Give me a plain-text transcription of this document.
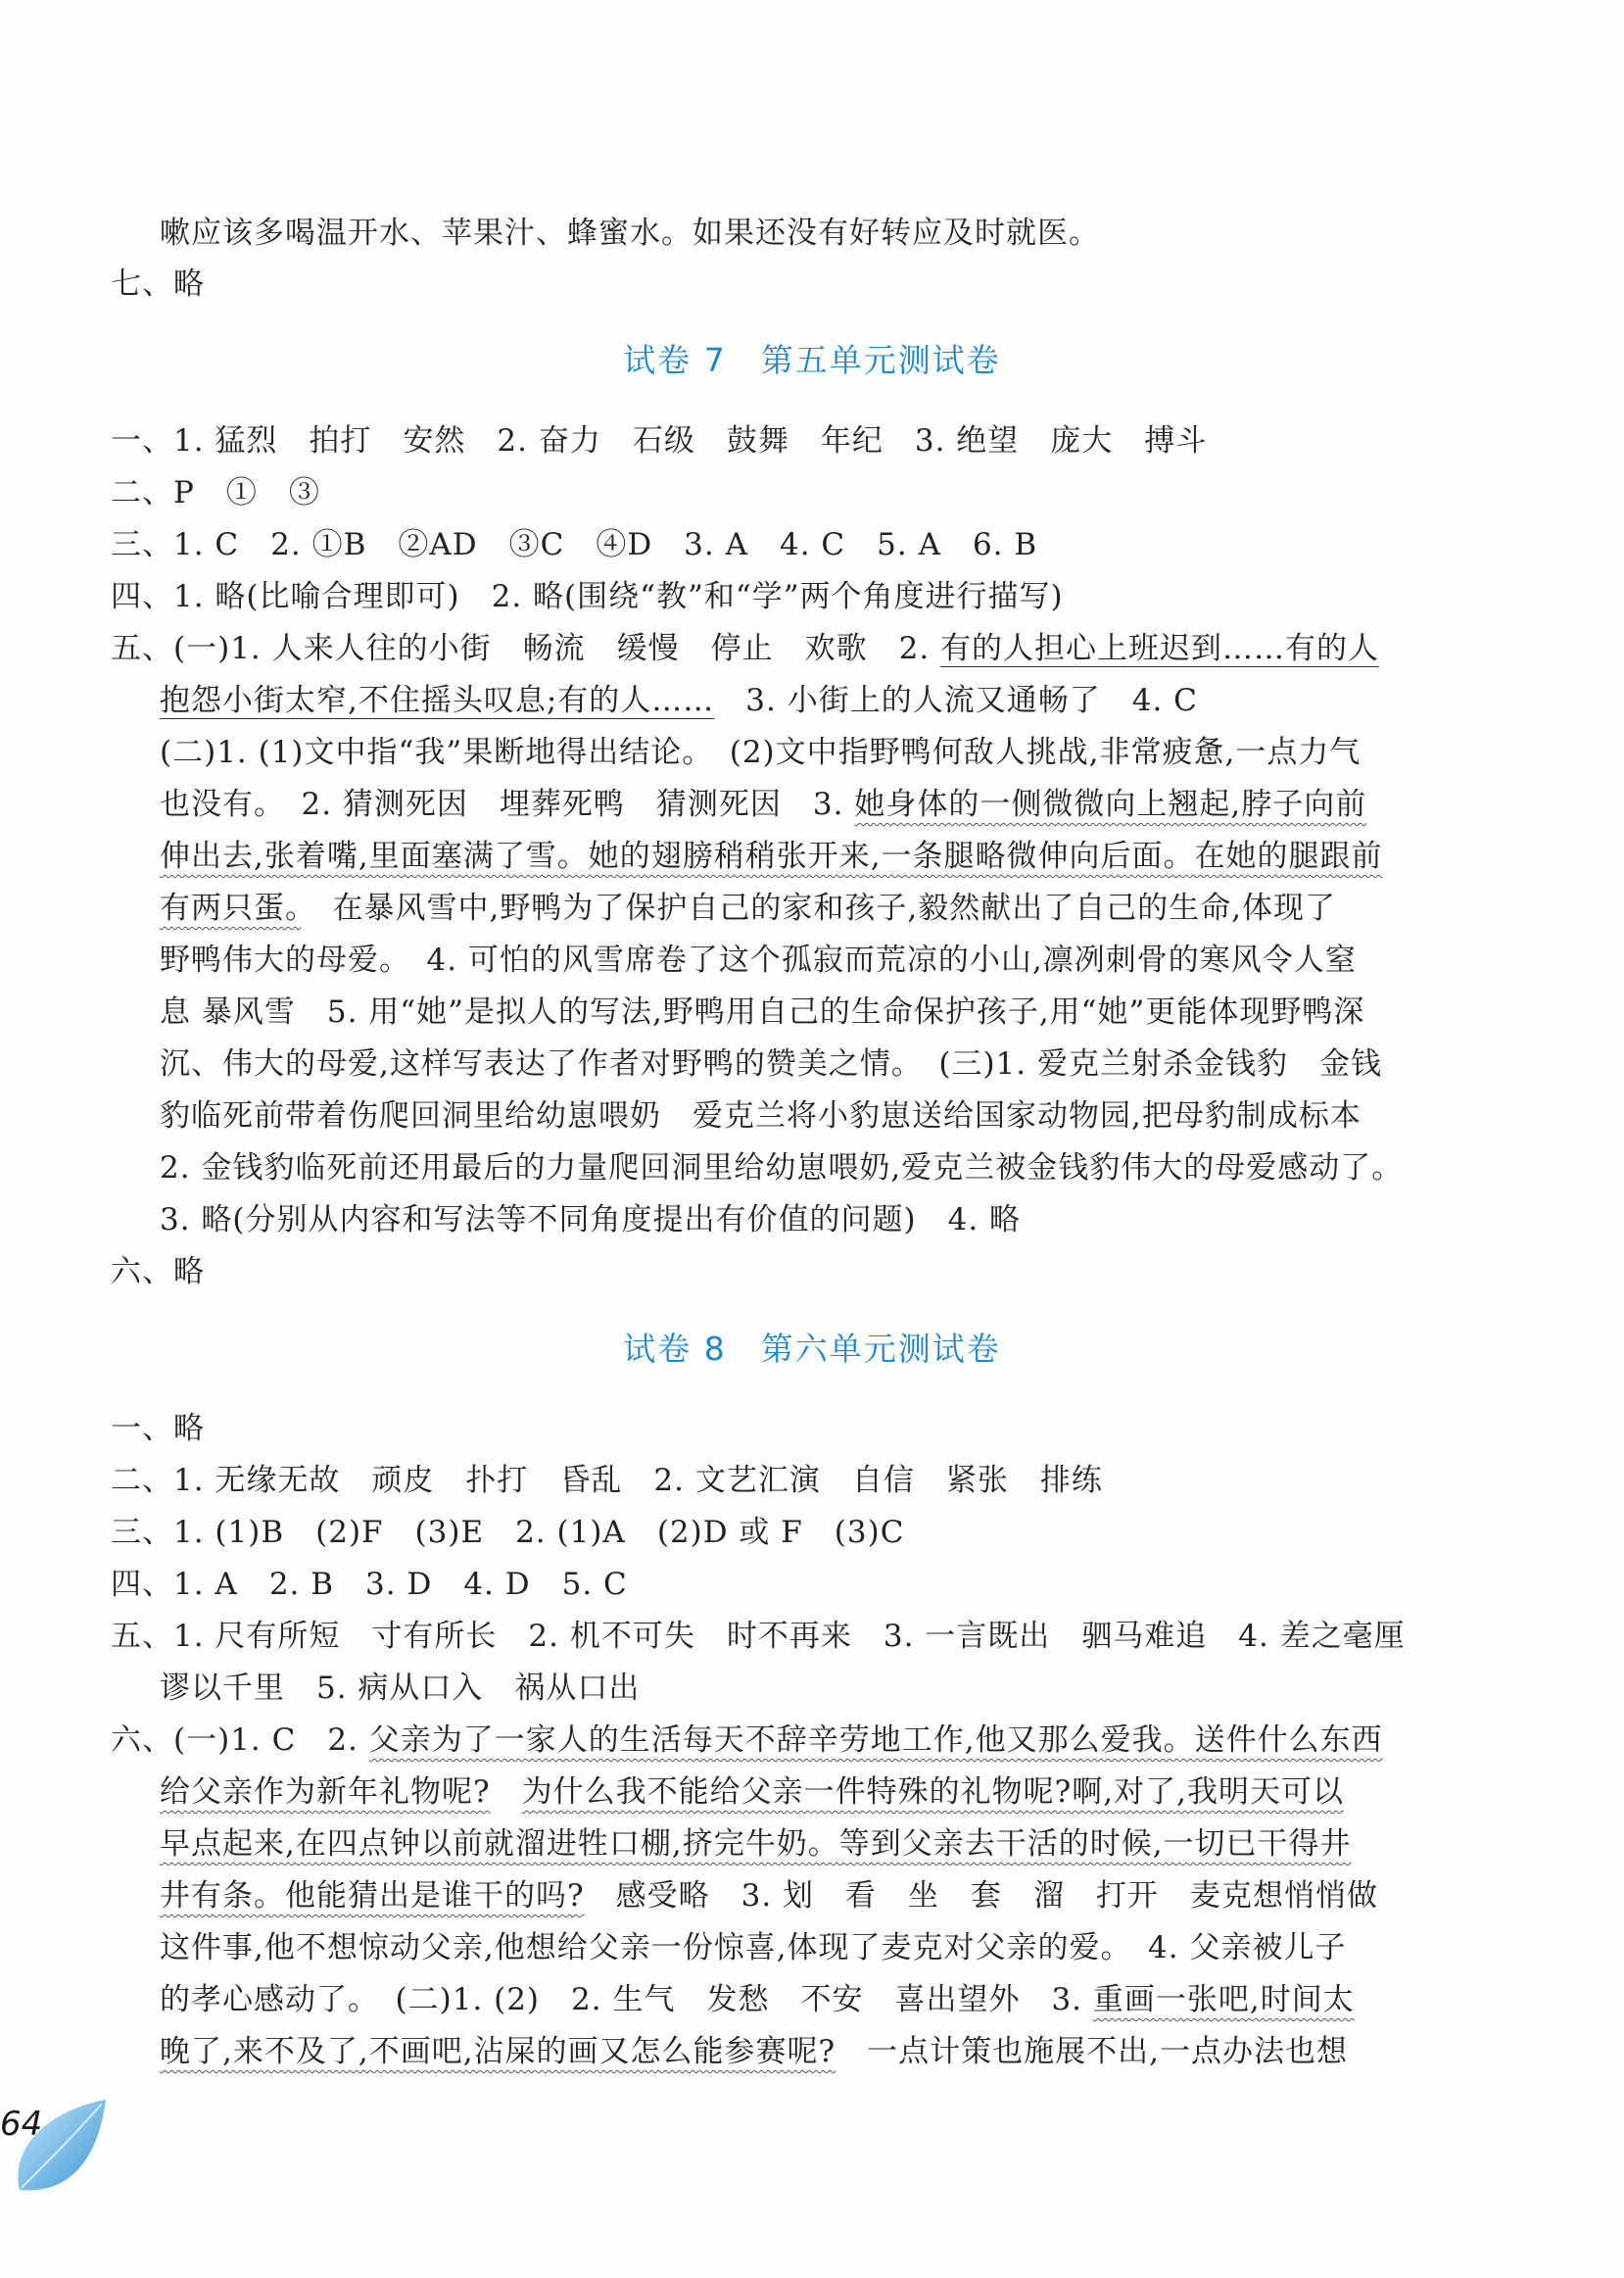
试卷 7　第五单元测试卷
试卷 8　第六单元测试卷
嗽应该多喝温开水、苹果汁、蜂蜜水。如果还没有好转应及时就医。
七、略
一、1. 猛烈　拍打　安然　2. 奋力　石级　鼓舞　年纪　3. 绝望　庞大　搏斗
二、P　①　③
三、1. C　2. ①B　②AD　③C　④D　3. A　4. C　5. A　6. B
四、1. 略(比喻合理即可)　2. 略(围绕“教”和“学”两个角度进行描写)
五、(一)1. 人来人往的小街　畅流　缓慢　停止　欢歌　2. 有的人担心上班迟到……有的人
抱怨小街太窄,不住摇头叹息;有的人……　3. 小街上的人流又通畅了　4. C
(二)1. (1)文中指“我”果断地得出结论。　(2)文中指野鸭何敌人挑战,非常疲惫,一点力气
也没有。　2. 猜测死因　埋葬死鸭　猜测死因　3. 她身体的一侧微微向上翘起,脖子向前
伸出去,张着嘴,里面塞满了雪。她的翅膀稍稍张开来,一条腿略微伸向后面。在她的腿跟前
有两只蛋。　在暴风雪中,野鸭为了保护自己的家和孩子,毅然献出了自己的生命,体现了
野鸭伟大的母爱。　4. 可怕的风雪席卷了这个孤寂而荒凉的小山,凛冽刺骨的寒风令人窒
息 暴风雪　5. 用“她”是拟人的写法,野鸭用自己的生命保护孩子,用“她”更能体现野鸭深
沉、伟大的母爱,这样写表达了作者对野鸭的赞美之情。　(三)1. 爱克兰射杀金钱豹　金钱
豹临死前带着伤爬回洞里给幼崽喂奶　爱克兰将小豹崽送给国家动物园,把母豹制成标本
2. 金钱豹临死前还用最后的力量爬回洞里给幼崽喂奶,爱克兰被金钱豹伟大的母爱感动了。
3. 略(分别从内容和写法等不同角度提出有价值的问题)　4. 略
六、略
一、略
二、1. 无缘无故　顽皮　扑打　昏乱　2. 文艺汇演　自信　紧张　排练
三、1. (1)B　(2)F　(3)E　2. (1)A　(2)D 或 F　(3)C
四、1. A　2. B　3. D　4. D　5. C
五、1. 尺有所短　寸有所长　2. 机不可失　时不再来　3. 一言既出　驷马难追　4. 差之毫厘
谬以千里　5. 病从口入　祸从口出
六、(一)1. C　2. 父亲为了一家人的生活每天不辞辛劳地工作,他又那么爱我。送件什么东西
给父亲作为新年礼物呢?　 为什么我不能给父亲一件特殊的礼物呢?啊,对了,我明天可以
早点起来,在四点钟以前就溜进牲口棚,挤完牛奶。等到父亲去干活的时候,一切已干得井
井有条。他能猜出是谁干的吗?　感受略　3. 划　看　坐　套　溜　打开　麦克想悄悄做
这件事,他不想惊动父亲,他想给父亲一份惊喜,体现了麦克对父亲的爱。　4. 父亲被儿子
的孝心感动了。　(二)1. (2)　2. 生气　发愁　不安　喜出望外　3. 重画一张吧,时间太
晚了,来不及了,不画吧,沾屎的画又怎么能参赛呢?　一点计策也施展不出,一点办法也想
64
